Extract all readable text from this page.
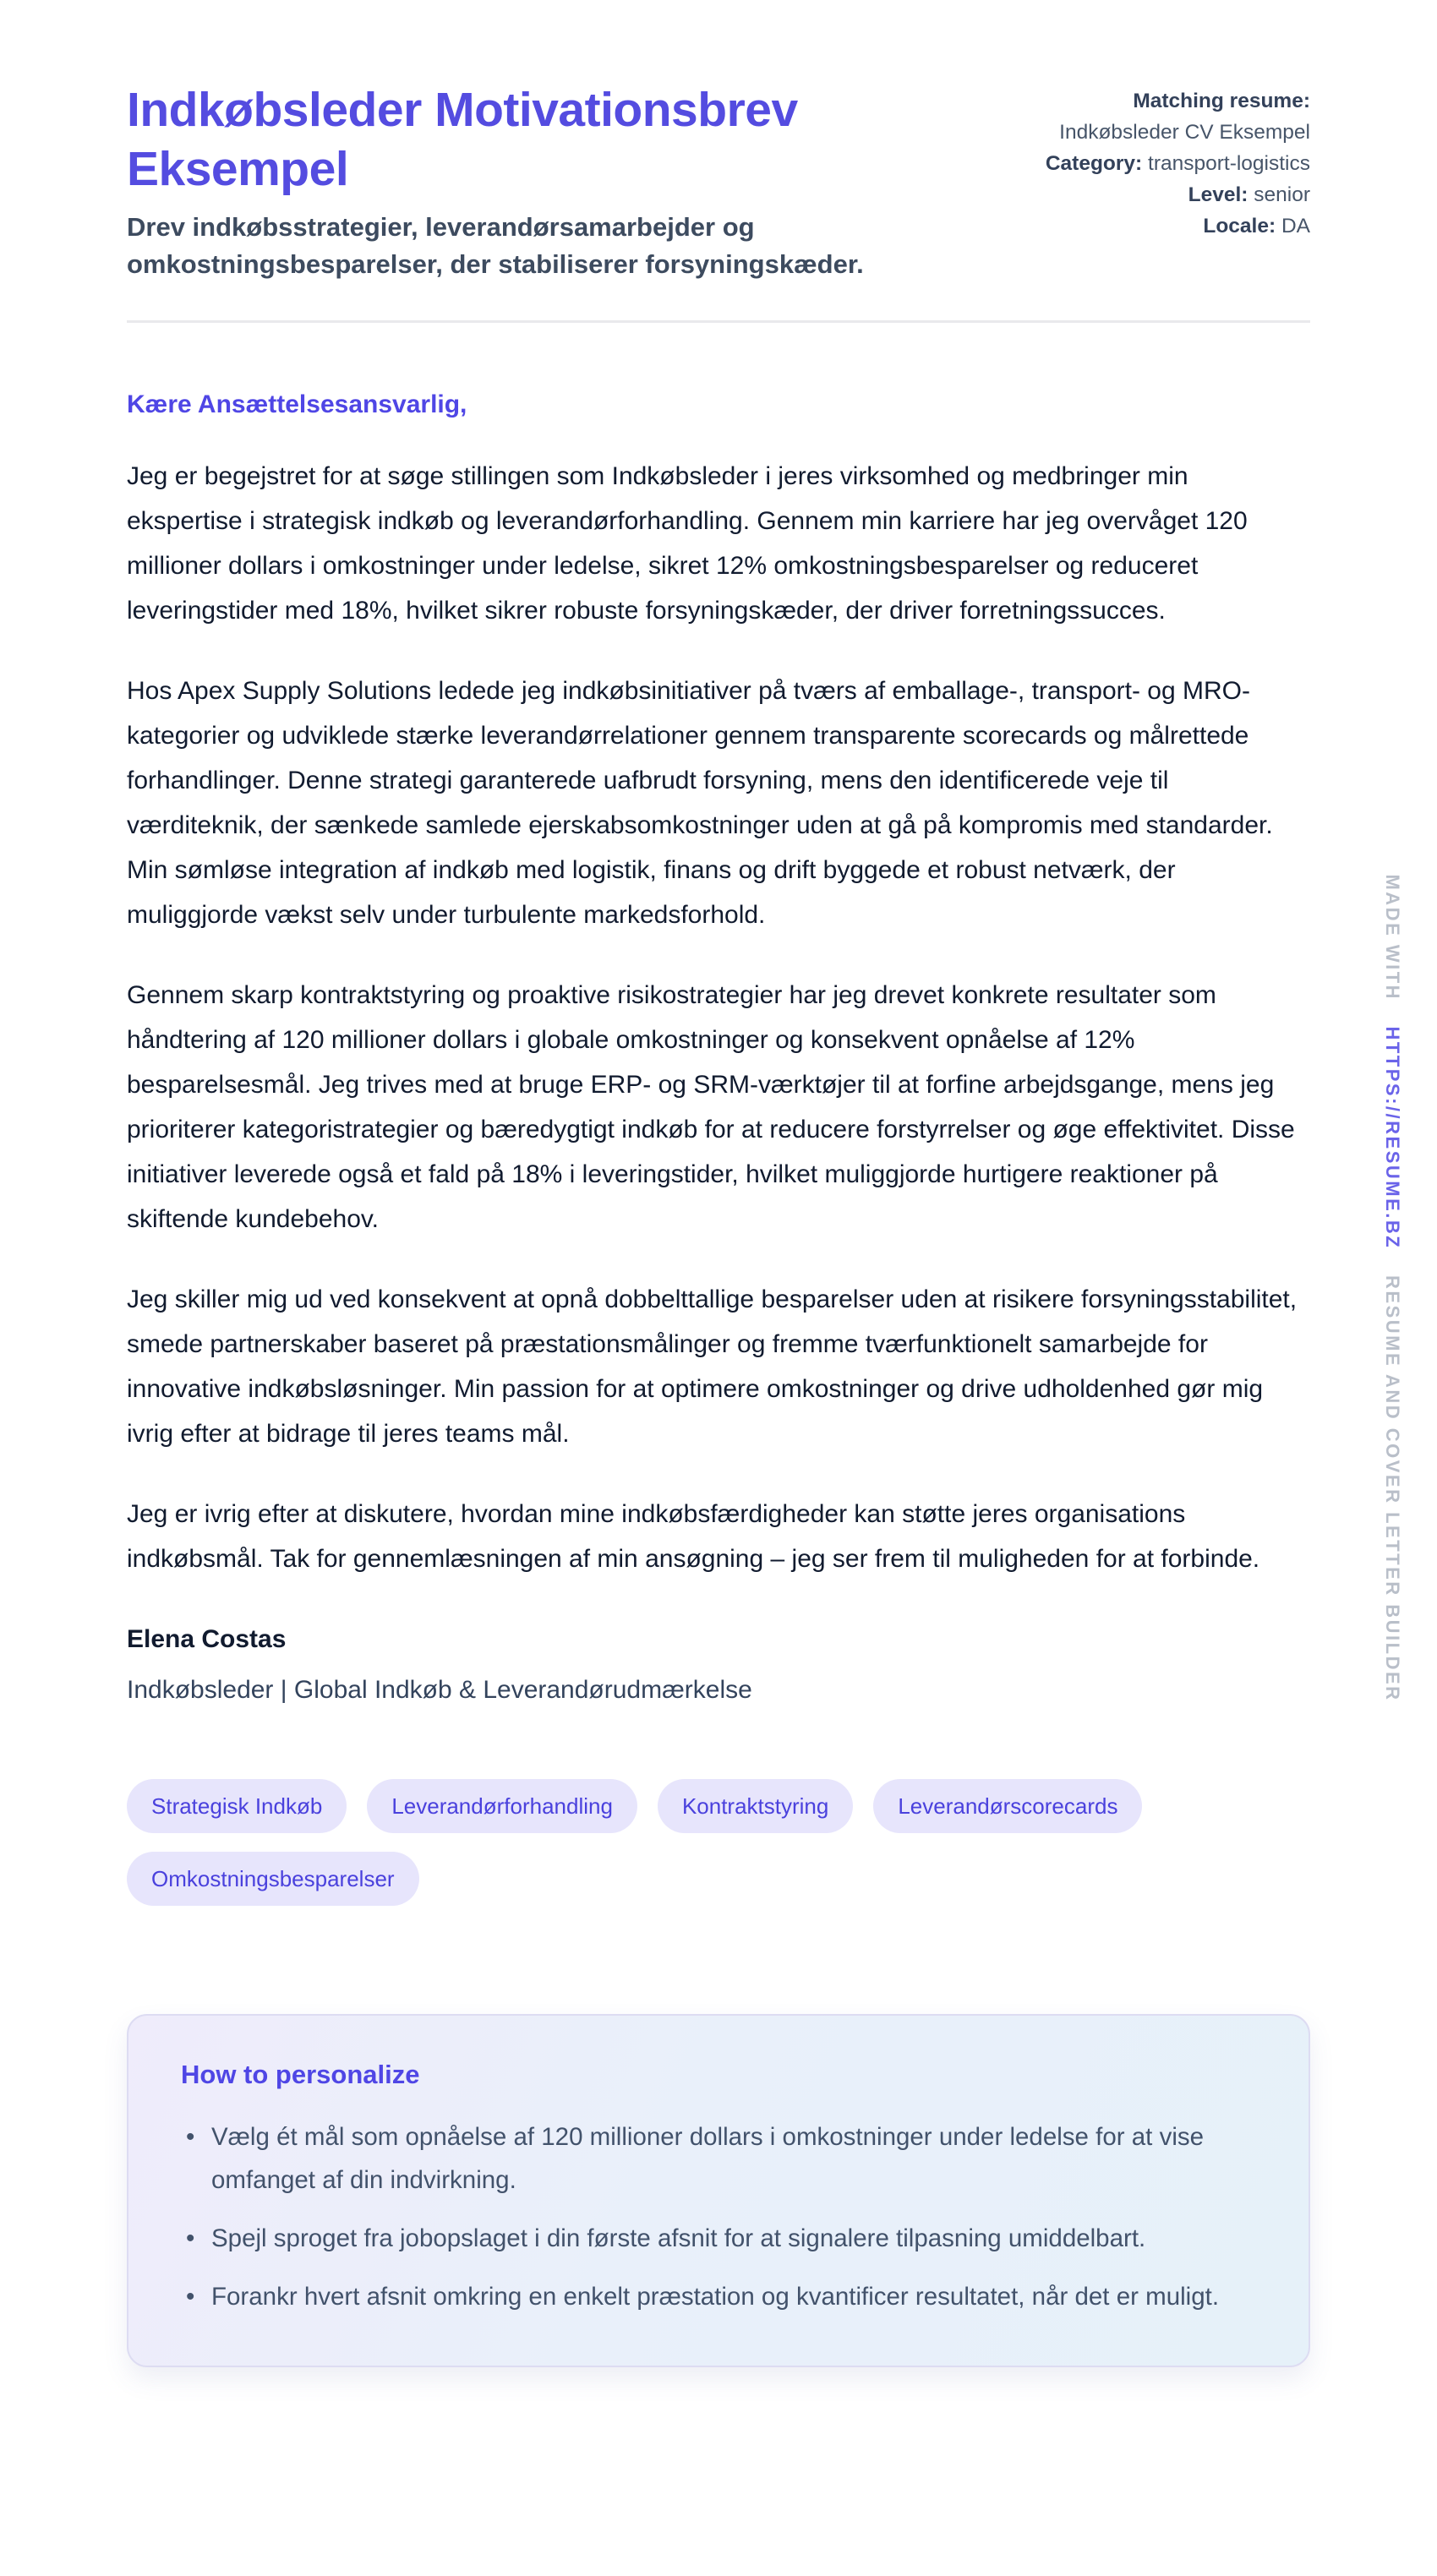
Indkøbsleder Motivationsbrev Eksempel

Drev indkøbsstrategier, leverandørsamarbejder og omkostningsbesparelser, der stabiliserer forsyningskæder.

Matching resume: Indkøbsleder CV Eksempel
Category: transport-logistics
Level: senior
Locale: DA

Kære Ansættelsesansvarlig,

Jeg er begejstret for at søge stillingen som Indkøbsleder i jeres virksomhed og medbringer min ekspertise i strategisk indkøb og leverandørforhandling. Gennem min karriere har jeg overvåget 120 millioner dollars i omkostninger under ledelse, sikret 12% omkostningsbesparelser og reduceret leveringstider med 18%, hvilket sikrer robuste forsyningskæder, der driver forretningssucces.

Hos Apex Supply Solutions ledede jeg indkøbsinitiativer på tværs af emballage-, transport- og MRO-kategorier og udviklede stærke leverandørrelationer gennem transparente scorecards og målrettede forhandlinger. Denne strategi garanterede uafbrudt forsyning, mens den identificerede veje til værditeknik, der sænkede samlede ejerskabsomkostninger uden at gå på kompromis med standarder. Min sømløse integration af indkøb med logistik, finans og drift byggede et robust netværk, der muliggjorde vækst selv under turbulente markedsforhold.

Gennem skarp kontraktstyring og proaktive risikostrategier har jeg drevet konkrete resultater som håndtering af 120 millioner dollars i globale omkostninger og konsekvent opnåelse af 12% besparelsesmål. Jeg trives med at bruge ERP- og SRM-værktøjer til at forfine arbejdsgange, mens jeg prioriterer kategoristrategier og bæredygtigt indkøb for at reducere forstyrrelser og øge effektivitet. Disse initiativer leverede også et fald på 18% i leveringstider, hvilket muliggjorde hurtigere reaktioner på skiftende kundebehov.

Jeg skiller mig ud ved konsekvent at opnå dobbelttallige besparelser uden at risikere forsyningsstabilitet, smede partnerskaber baseret på præstationsmålinger og fremme tværfunktionelt samarbejde for innovative indkøbsløsninger. Min passion for at optimere omkostninger og drive udholdenhed gør mig ivrig efter at bidrage til jeres teams mål.

Jeg er ivrig efter at diskutere, hvordan mine indkøbsfærdigheder kan støtte jeres organisations indkøbsmål. Tak for gennemlæsningen af min ansøgning – jeg ser frem til muligheden for at forbinde.

Elena Costas

Indkøbsleder | Global Indkøb & Leverandørudmærkelse

Strategisk Indkøb	Leverandørforhandling	Kontraktstyring	Leverandørscorecards
Omkostningsbesparelser
How to personalize
• Vælg ét mål som opnåelse af 120 millioner dollars i omkostninger under ledelse for at vise omfanget af din indvirkning.
• Spejl sproget fra jobopslaget i din første afsnit for at signalere tilpasning umiddelbart.
• Forankr hvert afsnit omkring en enkelt præstation og kvantificer resultatet, når det er muligt.
MADE WITH HTTPS://RESUME.BZ RESUME AND COVER LETTER BUILDER
